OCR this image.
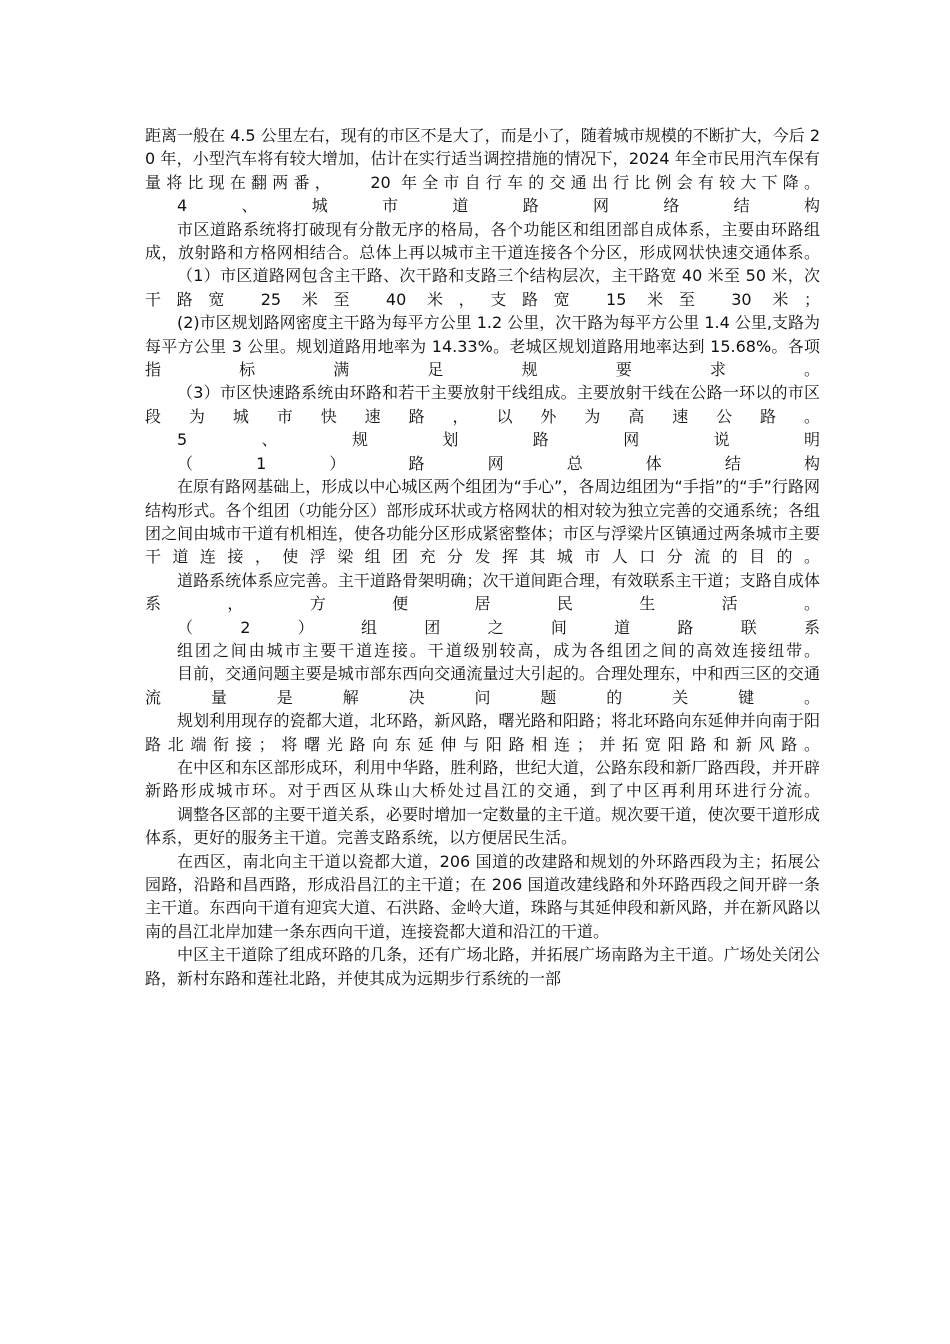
距离一般在 4.5 公里左右，现有的市区不是大了，而是小了，随着城市规模的不断扩大，今后 20 年，小型汽车将有较大增加，估计在实行适当调控措施的情况下，2024 年全市民用汽车保有量将比现在翻两番，　　20 年全市自行车的交通出行比例会有较大下降。

4、城市道路网络结构

市区道路系统将打破现有分散无序的格局，各个功能区和组团部自成体系，主要由环路组成，放射路和方格网相结合。总体上再以城市主干道连接各个分区，形成网状快速交通体系。

（1）市区道路网包含主干路、次干路和支路三个结构层次，主干路宽 40 米至 50 米，次干路宽 25 米至 40 米，支路宽 15 米至 30 米；

(2)市区规划路网密度主干路为每平方公里 1.2 公里，次干路为每平方公里 1.4 公里,支路为每平方公里 3 公里。规划道路用地率为 14.33%。老城区规划道路用地率达到 15.68%。各项指标满足规要求。

（3）市区快速路系统由环路和若干主要放射干线组成。主要放射干线在公路一环以的市区段为城市快速路，以外为高速公路。

5、规划路网说明

（1）路网总体结构

在原有路网基础上，形成以中心城区两个组团为“手心”，各周边组团为“手指”的“手”行路网结构形式。各个组团（功能分区）部形成环状或方格网状的相对较为独立完善的交通系统；各组团之间由城市干道有机相连，使各功能分区形成紧密整体；市区与浮梁片区镇通过两条城市主要干道连接，使浮梁组团充分发挥其城市人口分流的目的。

道路系统体系应完善。主干道路骨架明确；次干道间距合理，有效联系主干道；支路自成体系，方便居民生活。

（2）组团之间道路联系

组团之间由城市主要干道连接。干道级别较高，成为各组团之间的高效连接纽带。

目前，交通问题主要是城市部东西向交通流量过大引起的。合理处理东，中和西三区的交通流量是解决问题的关键。

规划利用现存的瓷都大道，北环路，新风路，曙光路和阳路；将北环路向东延伸并向南于阳路北端衔接；将曙光路向东延伸与阳路相连；并拓宽阳路和新风路。

在中区和东区部形成环，利用中华路，胜利路，世纪大道，公路东段和新厂路西段，并开辟新路形成城市环。对于西区从珠山大桥处过昌江的交通，到了中区再利用环进行分流。

调整各区部的主要干道关系，必要时增加一定数量的主干道。规次要干道，使次要干道形成体系，更好的服务主干道。完善支路系统，以方便居民生活。

在西区，南北向主干道以瓷都大道，206 国道的改建路和规划的外环路西段为主；拓展公园路，沿路和昌西路，形成沿昌江的主干道；在 206 国道改建线路和外环路西段之间开辟一条主干道。东西向干道有迎宾大道、石洪路、金岭大道，珠路与其延伸段和新风路，并在新风路以南的昌江北岸加建一条东西向干道，连接瓷都大道和沿江的干道。

中区主干道除了组成环路的几条，还有广场北路，并拓展广场南路为主干道。广场处关闭公路，新村东路和莲社北路，并使其成为远期步行系统的一部
